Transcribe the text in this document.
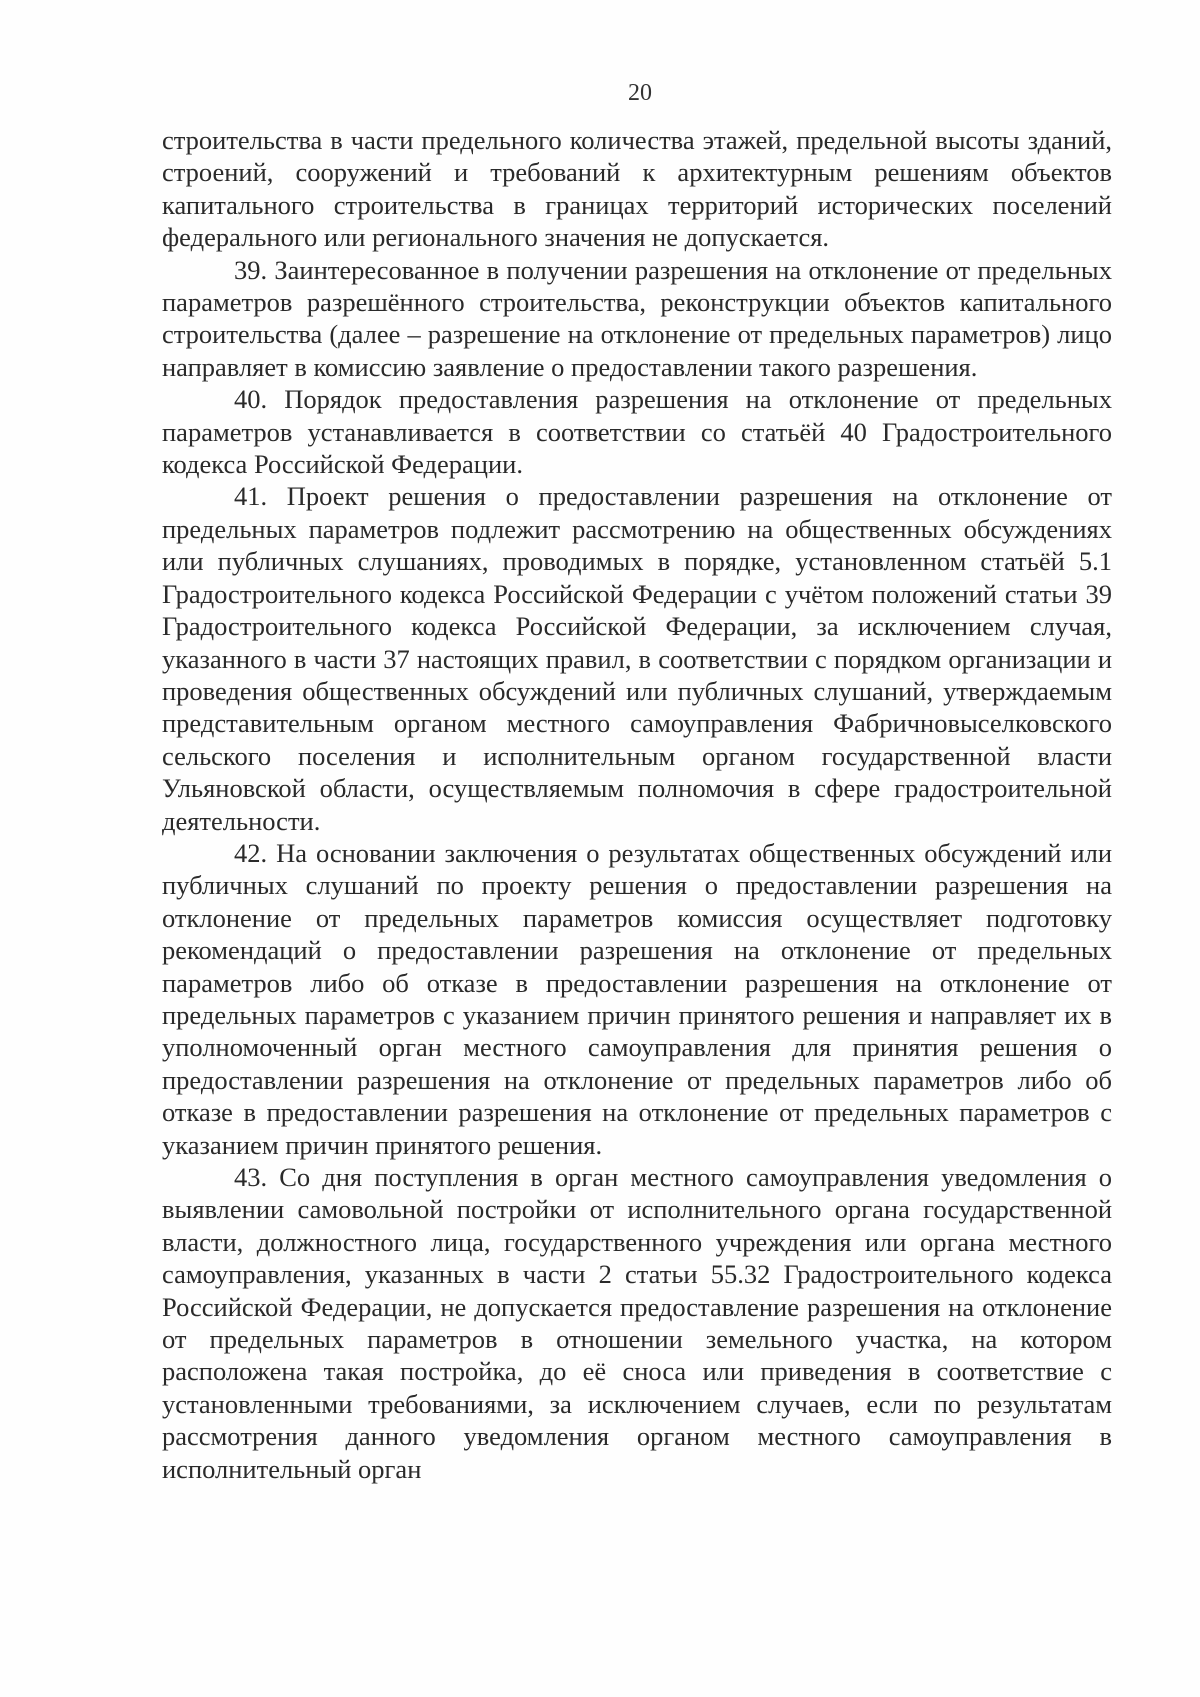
20

строительства в части предельного количества этажей, предельной высоты зданий, строений, сооружений и требований к архитектурным решениям объектов капитального строительства в границах территорий исторических поселений федерального или регионального значения не допускается.

39. Заинтересованное в получении разрешения на отклонение от предельных параметров разрешённого строительства, реконструкции объектов капитального строительства (далее – разрешение на отклонение от предельных параметров) лицо направляет в комиссию заявление о предоставлении такого разрешения.

40. Порядок предоставления разрешения на отклонение от предельных параметров устанавливается в соответствии со статьёй 40 Градостроительного кодекса Российской Федерации.

41. Проект решения о предоставлении разрешения на отклонение от предельных параметров подлежит рассмотрению на общественных обсуждениях или публичных слушаниях, проводимых в порядке, установленном статьёй 5.1 Градостроительного кодекса Российской Федерации с учётом положений статьи 39 Градостроительного кодекса Российской Федерации, за исключением случая, указанного в части 37 настоящих правил, в соответствии с порядком организации и проведения общественных обсуждений или публичных слушаний, утверждаемым представительным органом местного самоуправления Фабричновыселковского сельского поселения и исполнительным органом государственной власти Ульяновской области, осуществляемым полномочия в сфере градостроительной деятельности.

42. На основании заключения о результатах общественных обсуждений или публичных слушаний по проекту решения о предоставлении разрешения на отклонение от предельных параметров комиссия осуществляет подготовку рекомендаций о предоставлении разрешения на отклонение от предельных параметров либо об отказе в предоставлении разрешения на отклонение от предельных параметров с указанием причин принятого решения и направляет их в уполномоченный орган местного самоуправления для принятия решения о предоставлении разрешения на отклонение от предельных параметров либо об отказе в предоставлении разрешения на отклонение от предельных параметров с указанием причин принятого решения.

43. Со дня поступления в орган местного самоуправления уведомления о выявлении самовольной постройки от исполнительного органа государственной власти, должностного лица, государственного учреждения или органа местного самоуправления, указанных в части 2 статьи 55.32 Градостроительного кодекса Российской Федерации, не допускается предоставление разрешения на отклонение от предельных параметров в отношении земельного участка, на котором расположена такая постройка, до её сноса или приведения в соответствие с установленными требованиями, за исключением случаев, если по результатам рассмотрения данного уведомления органом местного самоуправления в исполнительный орган
